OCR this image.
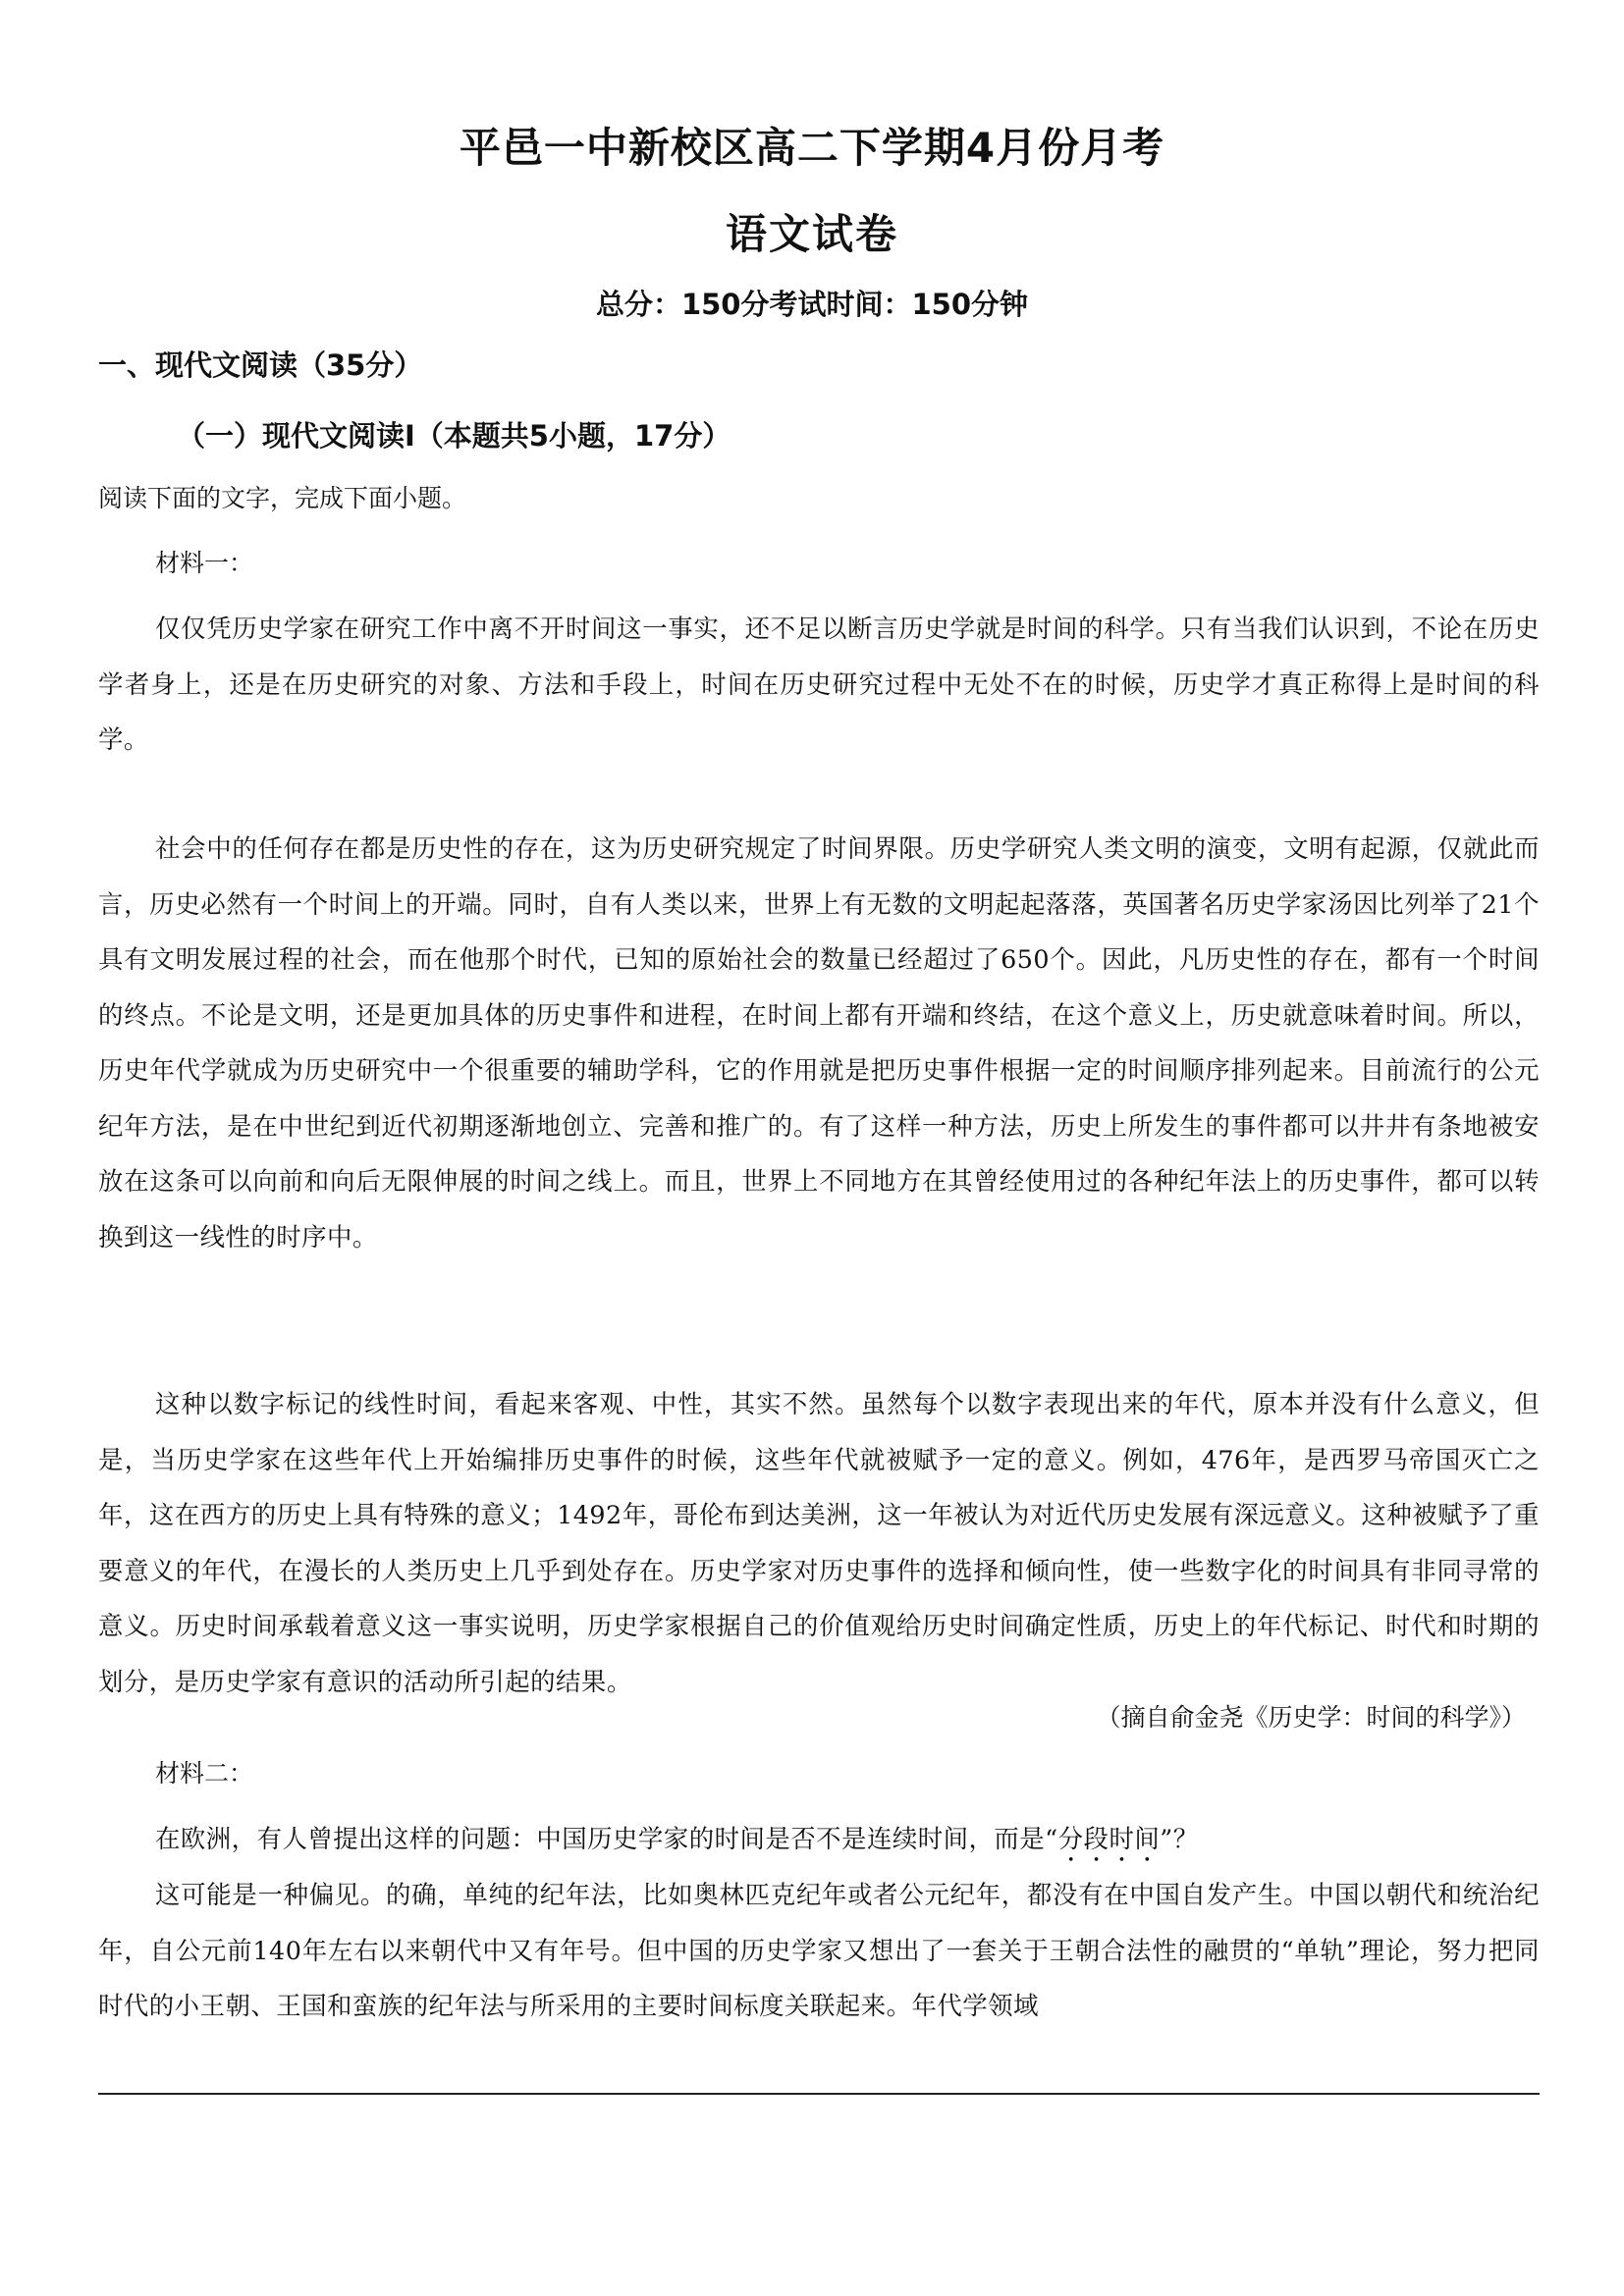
平邑一中新校区高二下学期4月份月考
语文试卷
总分：150分考试时间：150分钟
一、现代文阅读（35分）
（一）现代文阅读Ⅰ（本题共5小题，17分）
阅读下面的文字，完成下面小题。
材料一：

仅仅凭历史学家在研究工作中离不开时间这一事实，还不足以断言历史学就是时间的科学。只有当我们认识到，不论在历史学者身上，还是在历史研究的对象、方法和手段上，时间在历史研究过程中无处不在的时候，历史学才真正称得上是时间的科学。

社会中的任何存在都是历史性的存在，这为历史研究规定了时间界限。历史学研究人类文明的演变，文明有起源，仅就此而言，历史必然有一个时间上的开端。同时，自有人类以来，世界上有无数的文明起起落落，英国著名历史学家汤因比列举了21个具有文明发展过程的社会，而在他那个时代，已知的原始社会的数量已经超过了650个。因此，凡历史性的存在，都有一个时间的终点。不论是文明，还是更加具体的历史事件和进程，在时间上都有开端和终结，在这个意义上，历史就意味着时间。所以，历史年代学就成为历史研究中一个很重要的辅助学科，它的作用就是把历史事件根据一定的时间顺序排列起来。目前流行的公元纪年方法，是在中世纪到近代初期逐渐地创立、完善和推广的。有了这样一种方法，历史上所发生的事件都可以井井有条地被安放在这条可以向前和向后无限伸展的时间之线上。而且，世界上不同地方在其曾经使用过的各种纪年法上的历史事件，都可以转换到这一线性的时序中。

这种以数字标记的线性时间，看起来客观、中性，其实不然。虽然每个以数字表现出来的年代，原本并没有什么意义，但是，当历史学家在这些年代上开始编排历史事件的时候，这些年代就被赋予一定的意义。例如，476年，是西罗马帝国灭亡之年，这在西方的历史上具有特殊的意义；1492年，哥伦布到达美洲，这一年被认为对近代历史发展有深远意义。这种被赋予了重要意义的年代，在漫长的人类历史上几乎到处存在。历史学家对历史事件的选择和倾向性，使一些数字化的时间具有非同寻常的意义。历史时间承载着意义这一事实说明，历史学家根据自己的价值观给历史时间确定性质，历史上的年代标记、时代和时期的划分，是历史学家有意识的活动所引起的结果。

（摘自俞金尧《历史学：时间的科学》）
材料二：

在欧洲，有人曾提出这样的问题：中国历史学家的时间是否不是连续时间，而是“分段时间”？

这可能是一种偏见。的确，单纯的纪年法，比如奥林匹克纪年或者公元纪年，都没有在中国自发产生。中国以朝代和统治纪年，自公元前140年左右以来朝代中又有年号。但中国的历史学家又想出了一套关于王朝合法性的融贯的“单轨”理论，努力把同时代的小王朝、王国和蛮族的纪年法与所采用的主要时间标度关联起来。年代学领域
